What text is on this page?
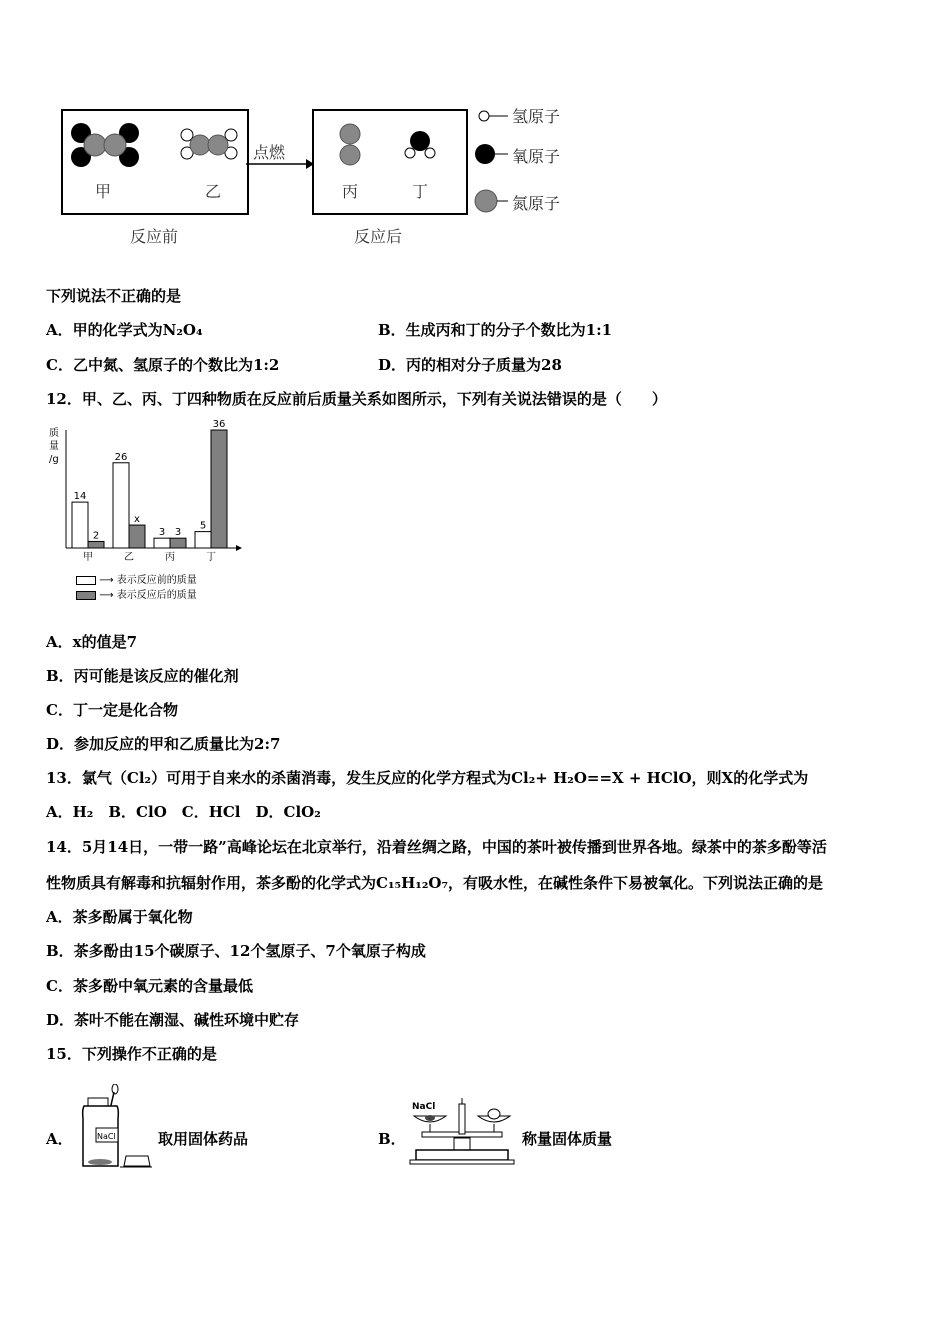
甲	乙
反应前
点燃
丙	丁
反应后
氢原子
氧原子
氮原子
下列说法不正确的是
A．甲的化学式为N₂O₄	B．生成丙和丁的分子个数比为1:1
C．乙中氮、氢原子的个数比为1:2	D．丙的相对分子质量为28
12．甲、乙、丙、丁四种物质在反应前后质量关系如图所示，下列有关说法错误的是（　　）
质
量
/g
14
2
甲
26
x
乙
3 3
丙
5
36
丁
⟶ 表示反应前的质量
⟶ 表示反应后的质量
A．x的值是7
B．丙可能是该反应的催化剂
C．丁一定是化合物
D．参加反应的甲和乙质量比为2:7
13．氯气（Cl₂）可用于自来水的杀菌消毒，发生反应的化学方程式为Cl₂+ H₂O==X + HClO，则X的化学式为
A．H₂　B．ClO　C．HCl　D．ClO₂
14．5月14日，一带一路”高峰论坛在北京举行，沿着丝绸之路，中国的茶叶被传播到世界各地。绿茶中的茶多酚等活
性物质具有解毒和抗辐射作用，茶多酚的化学式为C₁₅H₁₂O₇，有吸水性，在碱性条件下易被氧化。下列说法正确的是
A．茶多酚属于氧化物
B．茶多酚由15个碳原子、12个氢原子、7个氧原子构成
C．茶多酚中氧元素的含量最低
D．茶叶不能在潮湿、碱性环境中贮存
15．下列操作不正确的是
A．	NaCl	取用固体药品	B．
NaCl
称量固体质量
